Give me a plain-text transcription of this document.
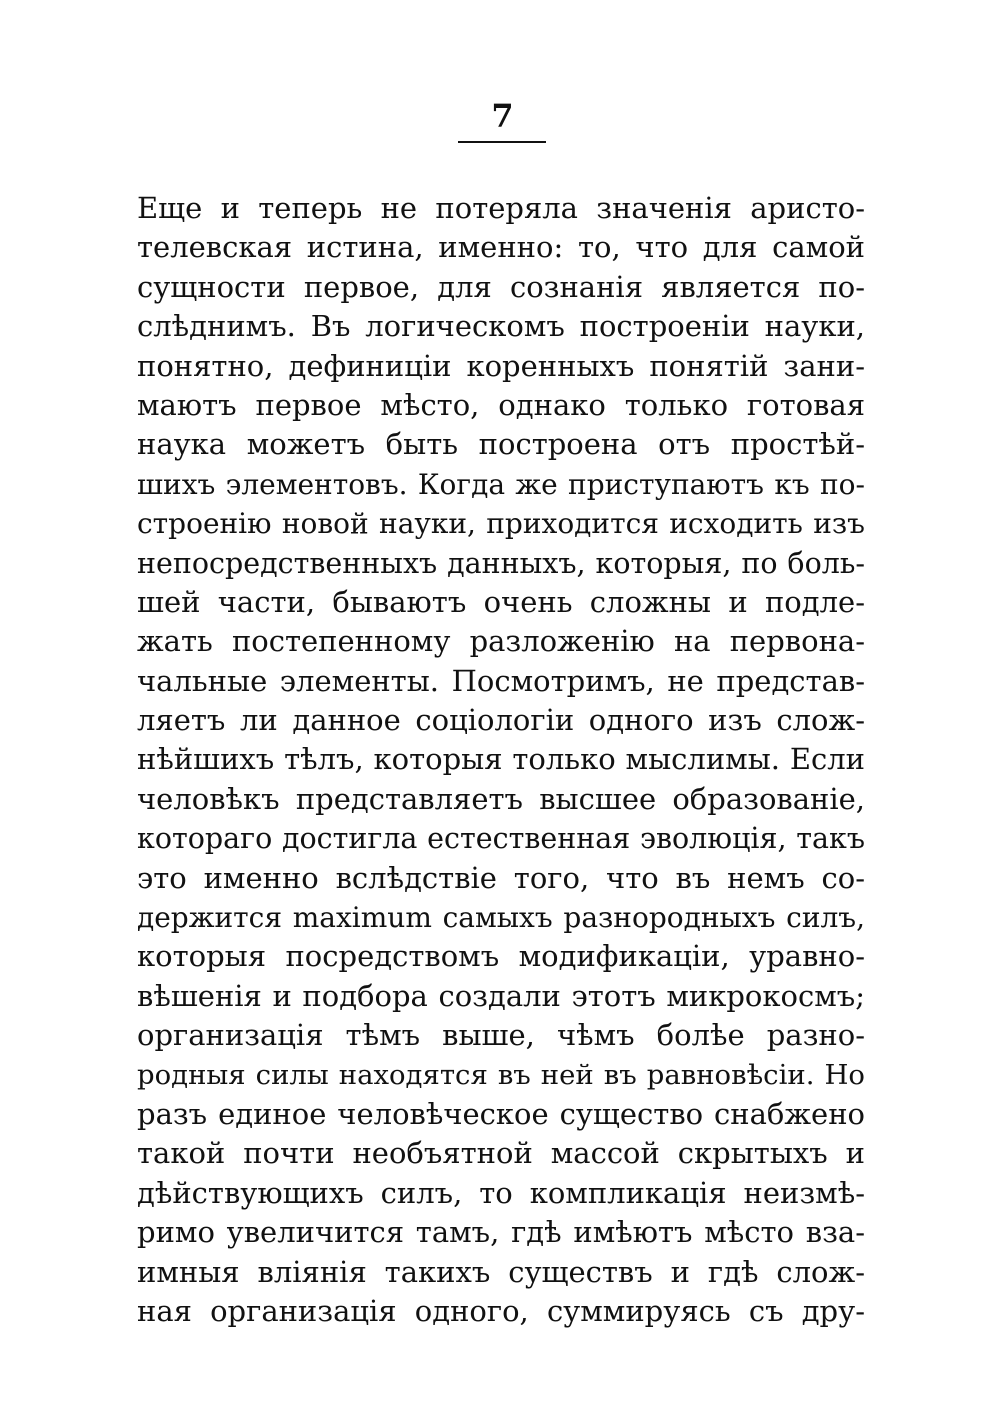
7
Еще и теперь не потеряла значенія аристо-
телевская истина, именно: то, что для самой
сущности первое, для сознанія является по-
слѣднимъ. Въ логическомъ построеніи науки,
понятно, дефиниціи коренныхъ понятій зани-
маютъ первое мѣсто, однако только готовая
наука можетъ быть построена отъ простѣй-
шихъ элементовъ. Когда же приступаютъ къ по-
строенію новой науки, приходится исходить изъ
непосредственныхъ данныхъ, которыя, по боль-
шей части, бываютъ очень сложны и подле-
жать постепенному разложенію на первона-
чальные элементы. Посмотримъ, не представ-
ляетъ ли данное соціологіи одного изъ слож-
нѣйшихъ тѣлъ, которыя только мыслимы. Если
человѣкъ представляетъ высшее образованіе,
котораго достигла естественная эволюція, такъ
это именно вслѣдствіе того, что въ немъ со-
держится maximum самыхъ разнородныхъ силъ,
которыя посредствомъ модификаціи, уравно-
вѣшенія и подбора создали этотъ микрокосмъ;
организація тѣмъ выше, чѣмъ болѣе разно-
родныя силы находятся въ ней въ равновѣсіи. Но
разъ единое человѣческое существо снабжено
такой почти необъятной массой скрытыхъ и
дѣйствующихъ силъ, то компликація неизмѣ-
римо увеличится тамъ, гдѣ имѣютъ мѣсто вза-
имныя вліянія такихъ существъ и гдѣ слож-
ная организація одного, суммируясь съ дру-
